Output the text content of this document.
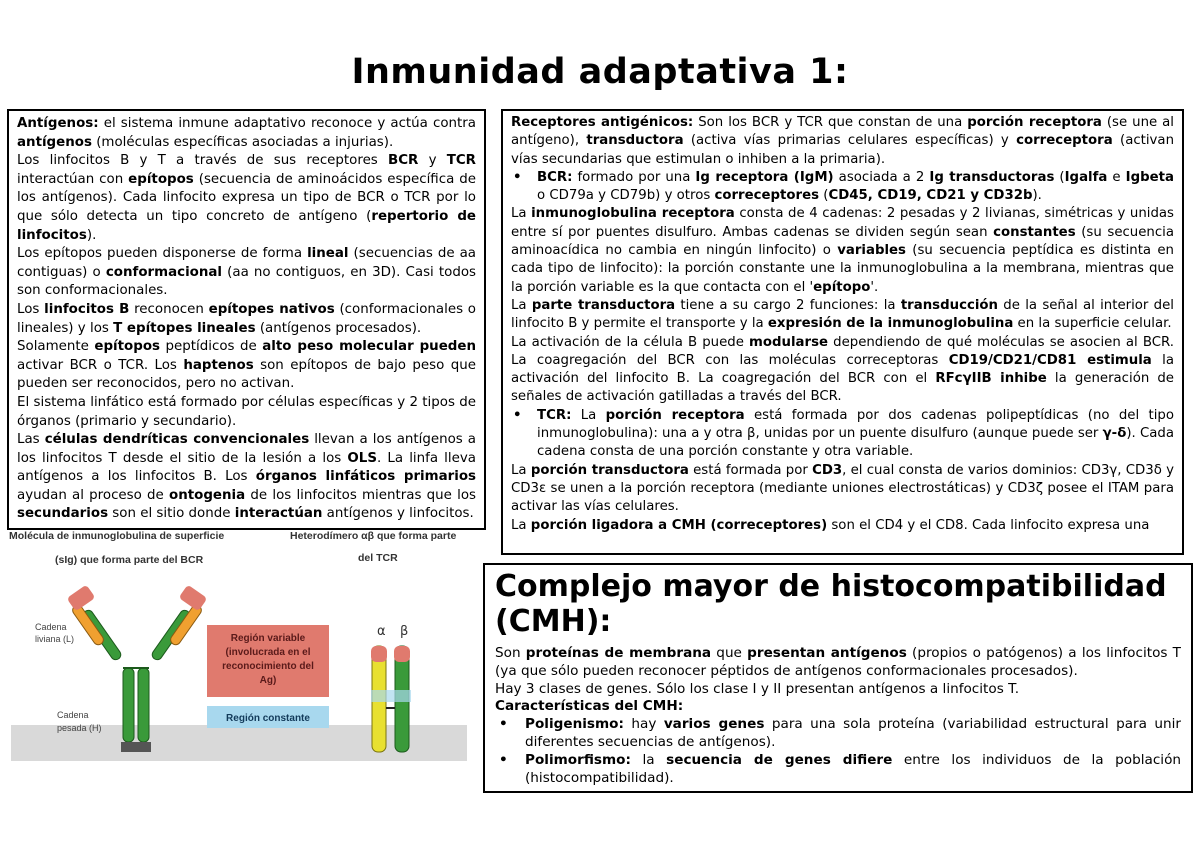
Inmunidad adaptativa 1:

Antígenos: el sistema inmune adaptativo reconoce y actúa contra antígenos (moléculas específicas asociadas a injurias).

Los linfocitos B y T a través de sus receptores BCR y TCR interactúan con epítopos (secuencia de aminoácidos específica de los antígenos). Cada linfocito expresa un tipo de BCR o TCR por lo que sólo detecta un tipo concreto de antígeno (repertorio de linfocitos).

Los epítopos pueden disponerse de forma lineal (secuencias de aa contiguas) o conformacional (aa no contiguos, en 3D). Casi todos son conformacionales.

Los linfocitos B reconocen epítopes nativos (conformacionales o lineales) y los T epítopes lineales (antígenos procesados).

Solamente epítopos peptídicos de alto peso molecular pueden activar BCR o TCR. Los haptenos son epítopos de bajo peso que pueden ser reconocidos, pero no activan.

El sistema linfático está formado por células específicas y 2 tipos de órganos (primario y secundario).

Las células dendríticas convencionales llevan a los antígenos a los linfocitos T desde el sitio de la lesión a los OLS. La linfa lleva antígenos a los linfocitos B. Los órganos linfáticos primarios ayudan al proceso de ontogenia de los linfocitos mientras que los secundarios son el sitio donde interactúan antígenos y linfocitos.

Receptores antigénicos: Son los BCR y TCR que constan de una porción receptora (se une al antígeno), transductora (activa vías primarias celulares específicas) y correceptora (activan vías secundarias que estimulan o inhiben a la primaria).

• BCR: formado por una Ig receptora (IgM) asociada a 2 Ig transductoras (Igalfa e Igbeta o CD79a y CD79b) y otros correceptores (CD45, CD19, CD21 y CD32b).

La inmunoglobulina receptora consta de 4 cadenas: 2 pesadas y 2 livianas, simétricas y unidas entre sí por puentes disulfuro. Ambas cadenas se dividen según sean constantes (su secuencia aminoacídica no cambia en ningún linfocito) o variables (su secuencia peptídica es distinta en cada tipo de linfocito): la porción constante une la inmunoglobulina a la membrana, mientras que la porción variable es la que contacta con el 'epítopo'.

La parte transductora tiene a su cargo 2 funciones: la transducción de la señal al interior del linfocito B y permite el transporte y la expresión de la inmunoglobulina en la superficie celular.

La activación de la célula B puede modularse dependiendo de qué moléculas se asocien al BCR. La coagregación del BCR con las moléculas correceptoras CD19/CD21/CD81 estimula la activación del linfocito B. La coagregación del BCR con el RFcγIIB inhibe la generación de señales de activación gatilladas a través del BCR.

• TCR: La porción receptora está formada por dos cadenas polipeptídicas (no del tipo inmunoglobulina): una a y otra β, unidas por un puente disulfuro (aunque puede ser γ-δ). Cada cadena consta de una porción constante y otra variable.

La porción transductora está formada por CD3, el cual consta de varios dominios: CD3γ, CD3δ y CD3ε se unen a la porción receptora (mediante uniones electrostáticas) y CD3ζ posee el ITAM para activar las vías celulares.

La porción ligadora a CMH (correceptores) son el CD4 y el CD8. Cada linfocito expresa una

Complejo mayor de histocompatibilidad (CMH):

Son proteínas de membrana que presentan antígenos (propios o patógenos) a los linfocitos T (ya que sólo pueden reconocer péptidos de antígenos conformacionales procesados).

Hay 3 clases de genes. Sólo los clase I y II presentan antígenos a linfocitos T.

Características del CMH:

• Poligenismo: hay varios genes para una sola proteína (variabilidad estructural para unir diferentes secuencias de antígenos).
• Polimorfismo: la secuencia de genes difiere entre los individuos de la población (histocompatibilidad).
Molécula de inmunoglobulina de superficie
(sIg) que forma parte del BCR
Heterodímero αβ que forma parte
del TCR
Cadena
liviana (L)
Cadena
pesada (H)
Región variable
(involucrada en el
reconocimiento del
Ag)
Región constante
α β
